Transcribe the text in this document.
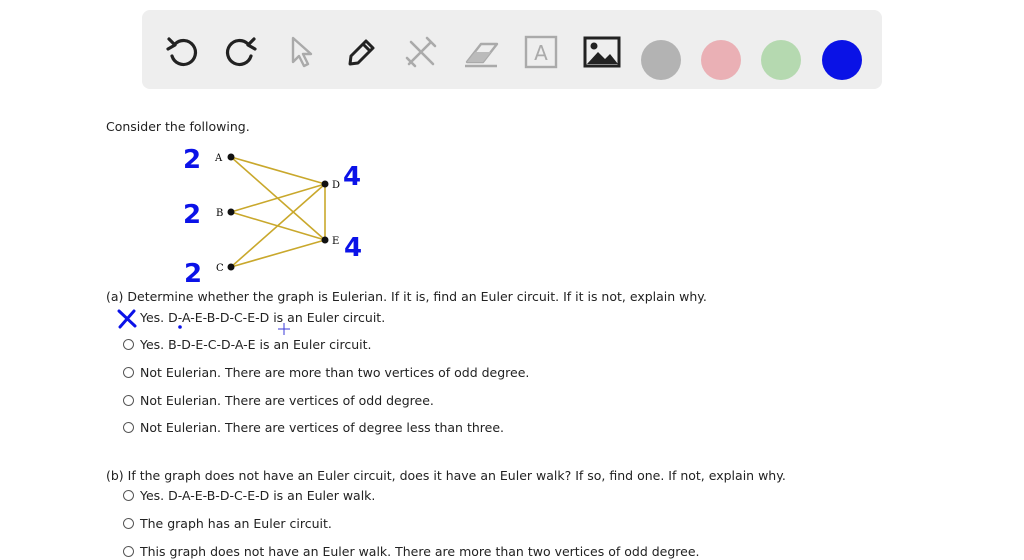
A
Consider the following.
A
B
C
D
E
2
2
2
4
4
(a) Determine whether the graph is Eulerian. If it is, find an Euler circuit. If it is not, explain why.
Yes. D-A-E-B-D-C-E-D is an Euler circuit.
Yes. B-D-E-C-D-A-E is an Euler circuit.
Not Eulerian. There are more than two vertices of odd degree.
Not Eulerian. There are vertices of odd degree.
Not Eulerian. There are vertices of degree less than three.
(b) If the graph does not have an Euler circuit, does it have an Euler walk? If so, find one. If not, explain why.
Yes. D-A-E-B-D-C-E-D is an Euler walk.
The graph has an Euler circuit.
This graph does not have an Euler walk. There are more than two vertices of odd degree.
